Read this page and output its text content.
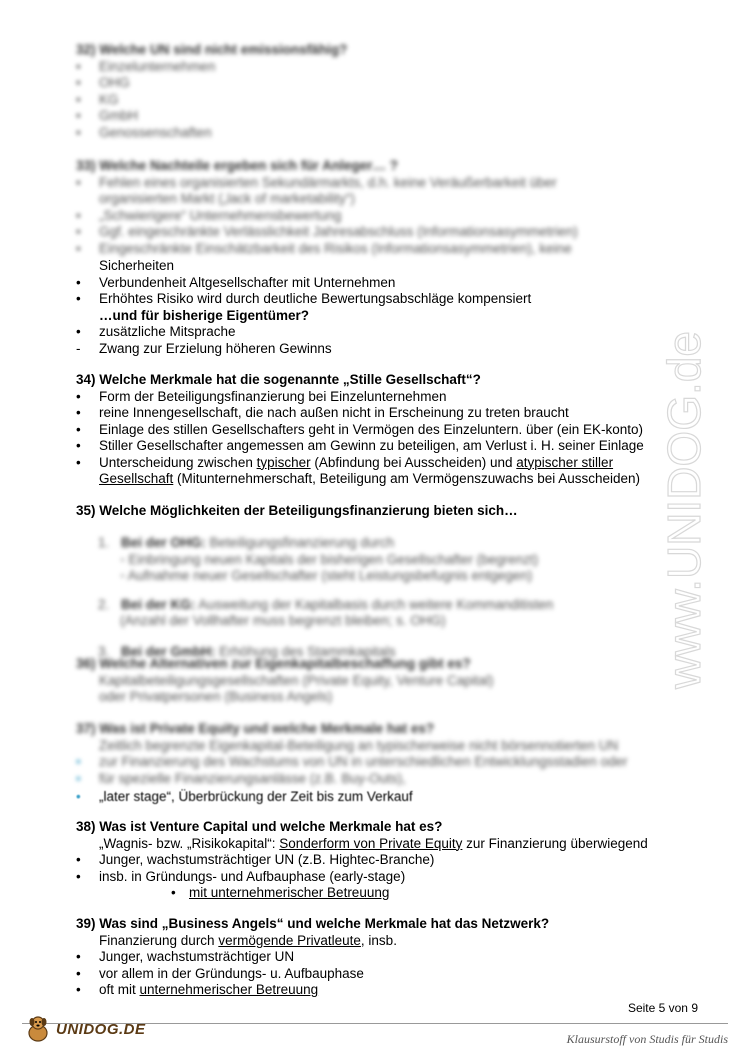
www.UNIDOG.de
32) Welche UN sind nicht emissionsfähig?
•	Einzelunternehmen
•	OHG
•	KG
•	GmbH
•	Genossenschaften
33) Welche Nachteile ergeben sich für Anleger… ?
•	Fehlen eines organisierten Sekundärmarkts, d.h. keine Veräußerbarkeit über
organisierten Markt („lack of marketability“)
•	„Schwierigere“ Unternehmensbewertung
•	Ggf. eingeschränkte Verlässlichkeit Jahresabschluss (Informationsasymmetrien)
•	Eingeschränkte Einschätzbarkeit des Risikos (Informationsasymmetrien), keine
Sicherheiten
•	Verbundenheit Altgesellschafter mit Unternehmen
•	Erhöhtes Risiko wird durch deutliche Bewertungsabschläge kompensiert
…und für bisherige Eigentümer?
•	zusätzliche Mitsprache
- Zwang zur Erzielung höheren Gewinns
34) Welche Merkmale hat die sogenannte „Stille Gesellschaft“?
•	Form der Beteiligungsfinanzierung bei Einzelunternehmen
•	reine Innengesellschaft, die nach außen nicht in Erscheinung zu treten braucht
•	Einlage des stillen Gesellschafters geht in Vermögen des Einzeluntern. über (ein EK-konto)
•	Stiller Gesellschafter angemessen am Gewinn zu beteiligen, am Verlust i. H. seiner Einlage
•	Unterscheidung zwischen typischer (Abfindung bei Ausscheiden) und atypischer stiller
Gesellschaft (Mitunternehmerschaft, Beteiligung am Vermögenszuwachs bei Ausscheiden)
35) Welche Möglichkeiten der Beteiligungsfinanzierung bieten sich…
1. Bei der OHG: Beteiligungsfinanzierung durch
◦ Einbringung neuen Kapitals der bisherigen Gesellschafter (begrenzt)
◦ Aufnahme neuer Gesellschafter (steht Leistungsbefugnis entgegen)
2. Bei der KG: Ausweitung der Kapitalbasis durch weitere Kommanditisten
(Anzahl der Vollhafter muss begrenzt bleiben; s. OHG)
3. Bei der GmbH: Erhöhung des Stammkapitals
36) Welche Alternativen zur Eigenkapitalbeschaffung gibt es?
Kapitalbeteiligungsgesellschaften (Private Equity, Venture Capital)
oder Privatpersonen (Business Angels)
37) Was ist Private Equity und welche Merkmale hat es?
Zeitlich begrenzte Eigenkapital-Beteiligung an typischerweise nicht börsennotierten UN
•	zur Finanzierung des Wachstums von UN in unterschiedlichen Entwicklungsstadien oder
•	für spezielle Finanzierungsanlässe (z.B. Buy-Outs),
•	„later stage“, Überbrückung der Zeit bis zum Verkauf
38) Was ist Venture Capital und welche Merkmale hat es?
„Wagnis- bzw. „Risikokapital“: Sonderform von Private Equity zur Finanzierung überwiegend
•	Junger, wachstumsträchtiger UN (z.B. Hightec-Branche)
•	insb. in Gründungs- und Aufbauphase (early-stage)
• mit unternehmerischer Betreuung
39) Was sind „Business Angels“ und welche Merkmale hat das Netzwerk?
Finanzierung durch vermögende Privatleute, insb.
•	Junger, wachstumsträchtiger UN
•	vor allem in der Gründungs- u. Aufbauphase
•	oft mit unternehmerischer Betreuung
Seite 5 von 9
UNIDOG.DE
Klausurstoff von Studis für Studis
